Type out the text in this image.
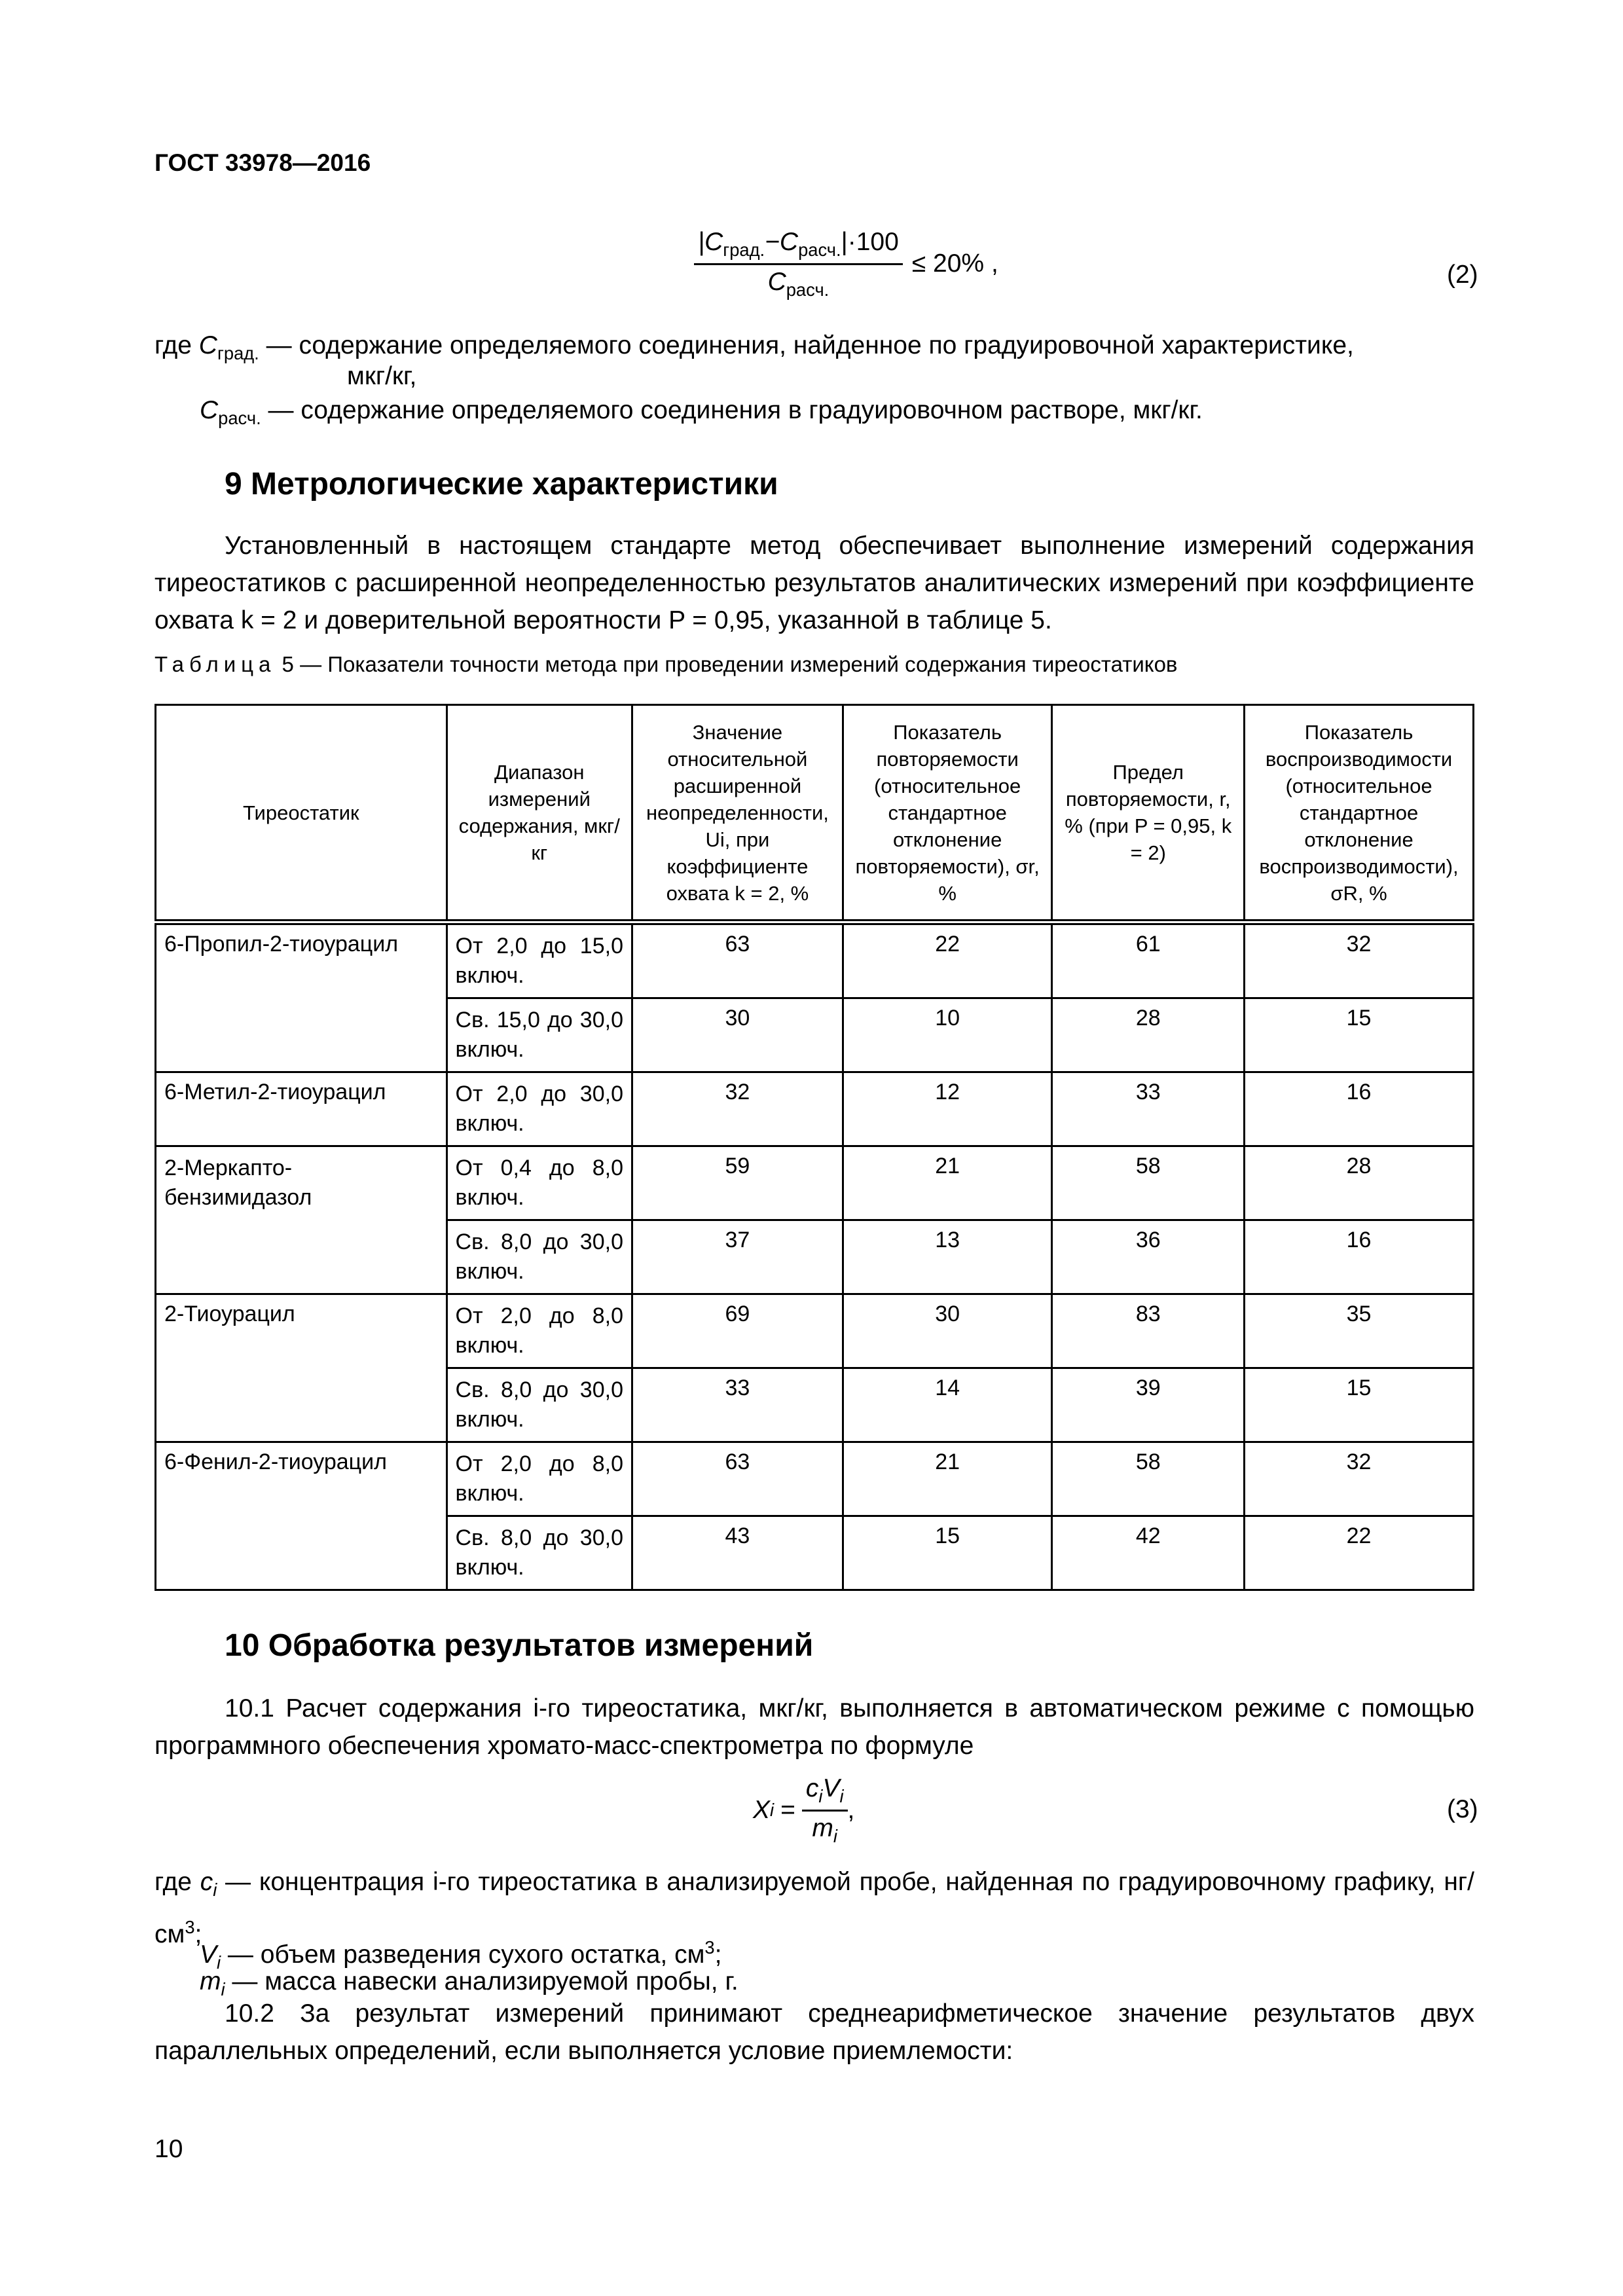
ГОСТ 33978—2016
$\frac{|C_{град.}-C_{расч.}|\cdot 100}{C_{расч.}} \le 20\%$ ,	(2)
где $C_{град.}$ — содержание определяемого соединения, найденное по градуировочной характеристике,
мкг/кг,
$C_{расч.}$ — содержание определяемого соединения в градуировочном растворе, мкг/кг.
9 Метрологические характеристики
Установленный в настоящем стандарте метод обеспечивает выполнение измерений содержания тиреостатиков с расширенной неопределенностью результатов аналитических измерений при коэффициенте охвата k = 2 и доверительной вероятности P = 0,95, указанной в таблице 5.
Таблица 5 — Показатели точности метода при проведении измерений содержания тиреостатиков
Тиреостатик	Диапазон измерений содержания, мкг/кг	Значение относительной расширенной неопределенности, Ui, при коэффициенте охвата k = 2, %	Показатель повторяемости (относительное стандартное отклонение повторяемости), σr, %	Предел повторяемости, r, % (при P = 0,95, k = 2)	Показатель воспроизводимости (относительное стандартное отклонение воспроизводимости), σR, %
6-Пропил-2-тиоурацил	От 2,0 до 15,0 включ.	63	22	61	32
	Св. 15,0 до 30,0 включ.	30	10	28	15
6-Метил-2-тиоурацил	От 2,0 до 30,0 включ.	32	12	33	16
2-Меркапто-бензимидазол	От 0,4 до 8,0 включ.	59	21	58	28
	Св. 8,0 до 30,0 включ.	37	13	36	16
2-Тиоурацил	От 2,0 до 8,0 включ.	69	30	83	35
	Св. 8,0 до 30,0 включ.	33	14	39	15
6-Фенил-2-тиоурацил	От 2,0 до 8,0 включ.	63	21	58	32
	Св. 8,0 до 30,0 включ.	43	15	42	22
10 Обработка результатов измерений
10.1 Расчет содержания i-го тиреостатика, мкг/кг, выполняется в автоматическом режиме с помощью программного обеспечения хромато-масс-спектрометра по формуле
X $i = \frac{c_iV_i}{m_i}$ ,	(3)
где $c_i$ — концентрация i-го тиреостатика в анализируемой пробе, найденная по градуировочному графику, $нг/см^3$;
$V_i$ — объем разведения сухого остатка, $см^3$;
$m_i$ — масса навески анализируемой пробы, г.
10.2 За результат измерений принимают среднеарифметическое значение результатов двух параллельных определений, если выполняется условие приемлемости:
10
